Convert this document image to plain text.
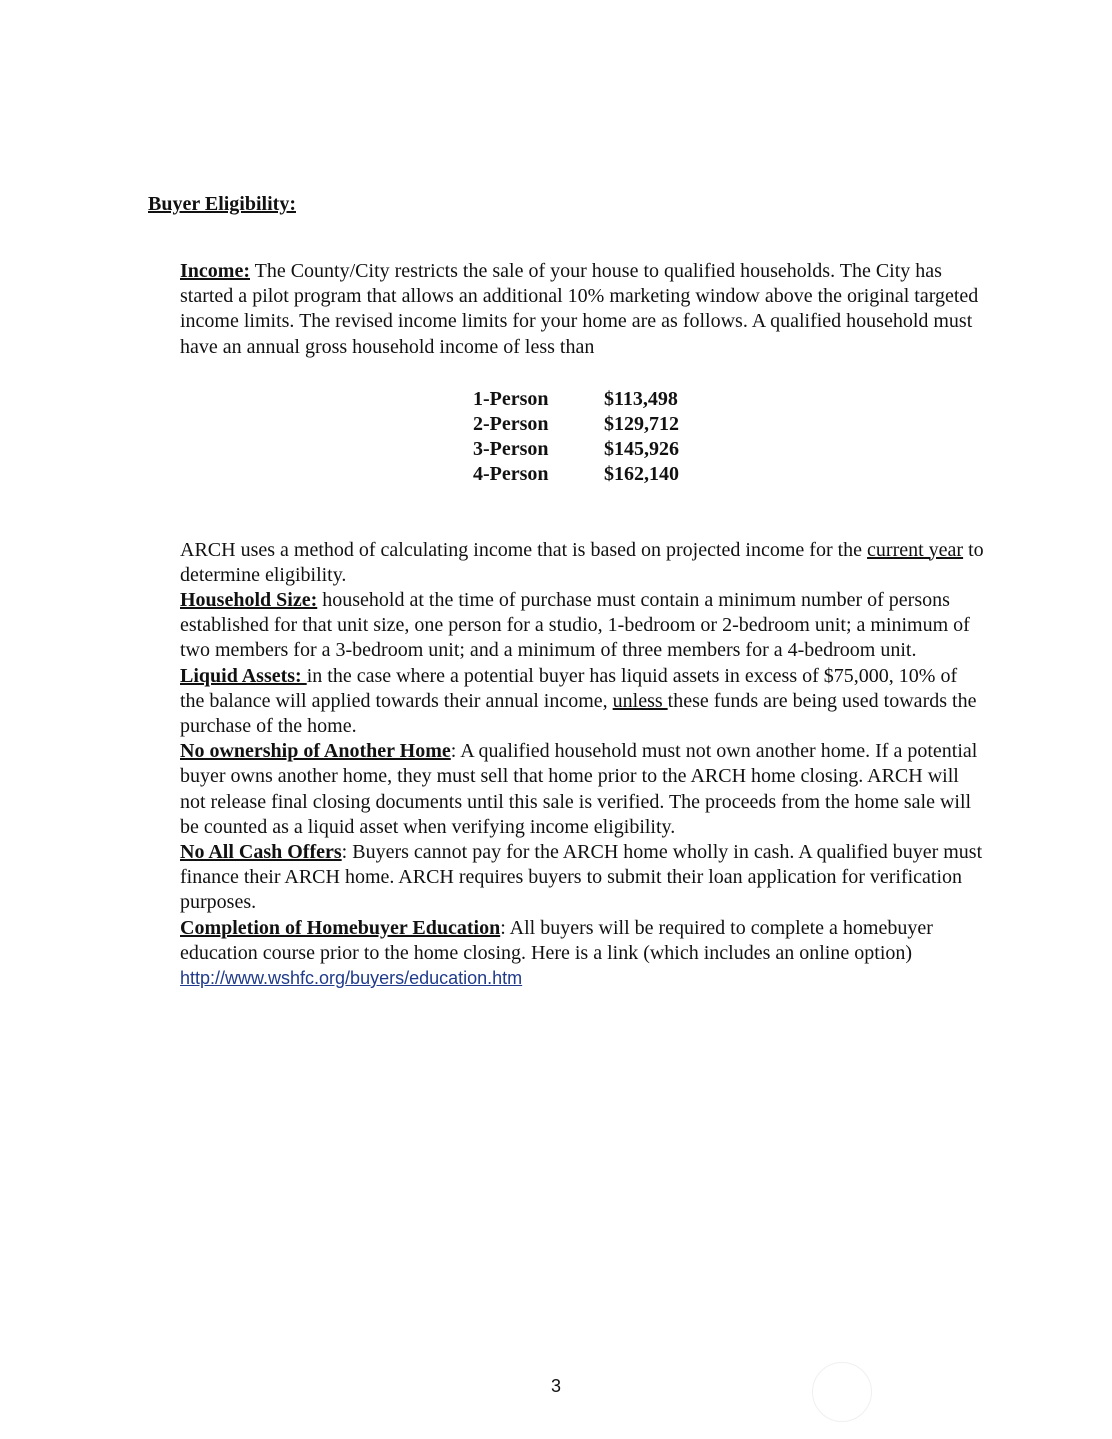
Buyer Eligibility:

Income: The County/City restricts the sale of your house to qualified households. The City has started a pilot program that allows an additional 10% marketing window above the original targeted income limits. The revised income limits for your home are as follows. A qualified household must have an annual gross household income of less than

1-Person	$113,498
2-Person	$129,712
3-Person	$145,926
4-Person	$162,140

ARCH uses a method of calculating income that is based on projected income for the current year to determine eligibility.

Household Size: household at the time of purchase must contain a minimum number of persons established for that unit size, one person for a studio, 1-bedroom or 2-bedroom unit; a minimum of two members for a 3-bedroom unit; and a minimum of three members for a 4-bedroom unit.

Liquid Assets: in the case where a potential buyer has liquid assets in excess of $75,000, 10% of the balance will applied towards their annual income, unless these funds are being used towards the purchase of the home.

No ownership of Another Home: A qualified household must not own another home. If a potential buyer owns another home, they must sell that home prior to the ARCH home closing. ARCH will not release final closing documents until this sale is verified. The proceeds from the home sale will be counted as a liquid asset when verifying income eligibility.

No All Cash Offers: Buyers cannot pay for the ARCH home wholly in cash. A qualified buyer must finance their ARCH home. ARCH requires buyers to submit their loan application for verification purposes.

Completion of Homebuyer Education: All buyers will be required to complete a homebuyer education course prior to the home closing. Here is a link (which includes an online option)

http://www.wshfc.org/buyers/education.htm
3
